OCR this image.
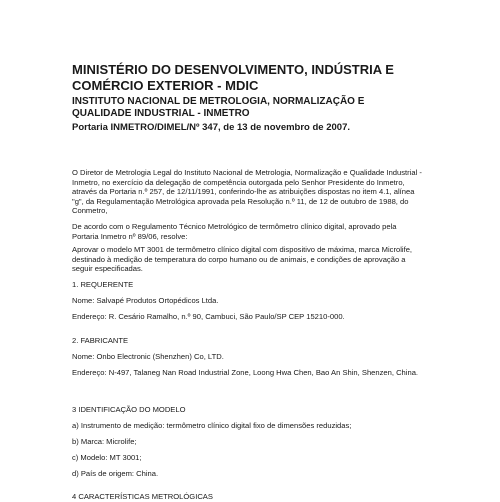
MINISTÉRIO DO DESENVOLVIMENTO, INDÚSTRIA E COMÉRCIO EXTERIOR - MDIC
INSTITUTO NACIONAL DE METROLOGIA, NORMALIZAÇÃO E QUALIDADE INDUSTRIAL - INMETRO
Portaria INMETRO/DIMEL/Nº 347, de 13 de novembro de 2007.

O Diretor de Metrologia Legal do Instituto Nacional de Metrologia, Normalização e Qualidade Industrial - Inmetro, no exercício da delegação de competência outorgada pelo Senhor Presidente do Inmetro, através da Portaria n.º 257, de 12/11/1991, conferindo-lhe as atribuições dispostas no item 4.1, alínea "g", da Regulamentação Metrológica aprovada pela Resolução n.º 11, de 12 de outubro de 1988, do Conmetro,

De acordo com o Regulamento Técnico Metrológico de termômetro clínico digital, aprovado pela Portaria Inmetro nº 89/06, resolve:

Aprovar o modelo MT 3001 de termômetro clínico digital com dispositivo de máxima, marca Microlife, destinado à medição de temperatura do corpo humano ou de animais, e condições de aprovação a seguir especificadas.

1. REQUERENTE

Nome: Salvapé Produtos Ortopédicos Ltda.

Endereço: R. Cesário Ramalho, n.º 90, Cambuci, São Paulo/SP CEP 15210-000.

2. FABRICANTE

Nome: Onbo Electronic (Shenzhen) Co, LTD.

Endereço: N-497, Talaneg Nan Road Industrial Zone, Loong Hwa Chen, Bao An Shin, Shenzen, China.

3 IDENTIFICAÇÃO DO MODELO

a) Instrumento de medição: termômetro clínico digital fixo de dimensões reduzidas;

b) Marca: Microlife;

c) Modelo: MT 3001;

d) País de origem: China.

4 CARACTERÍSTICAS METROLÓGICAS
